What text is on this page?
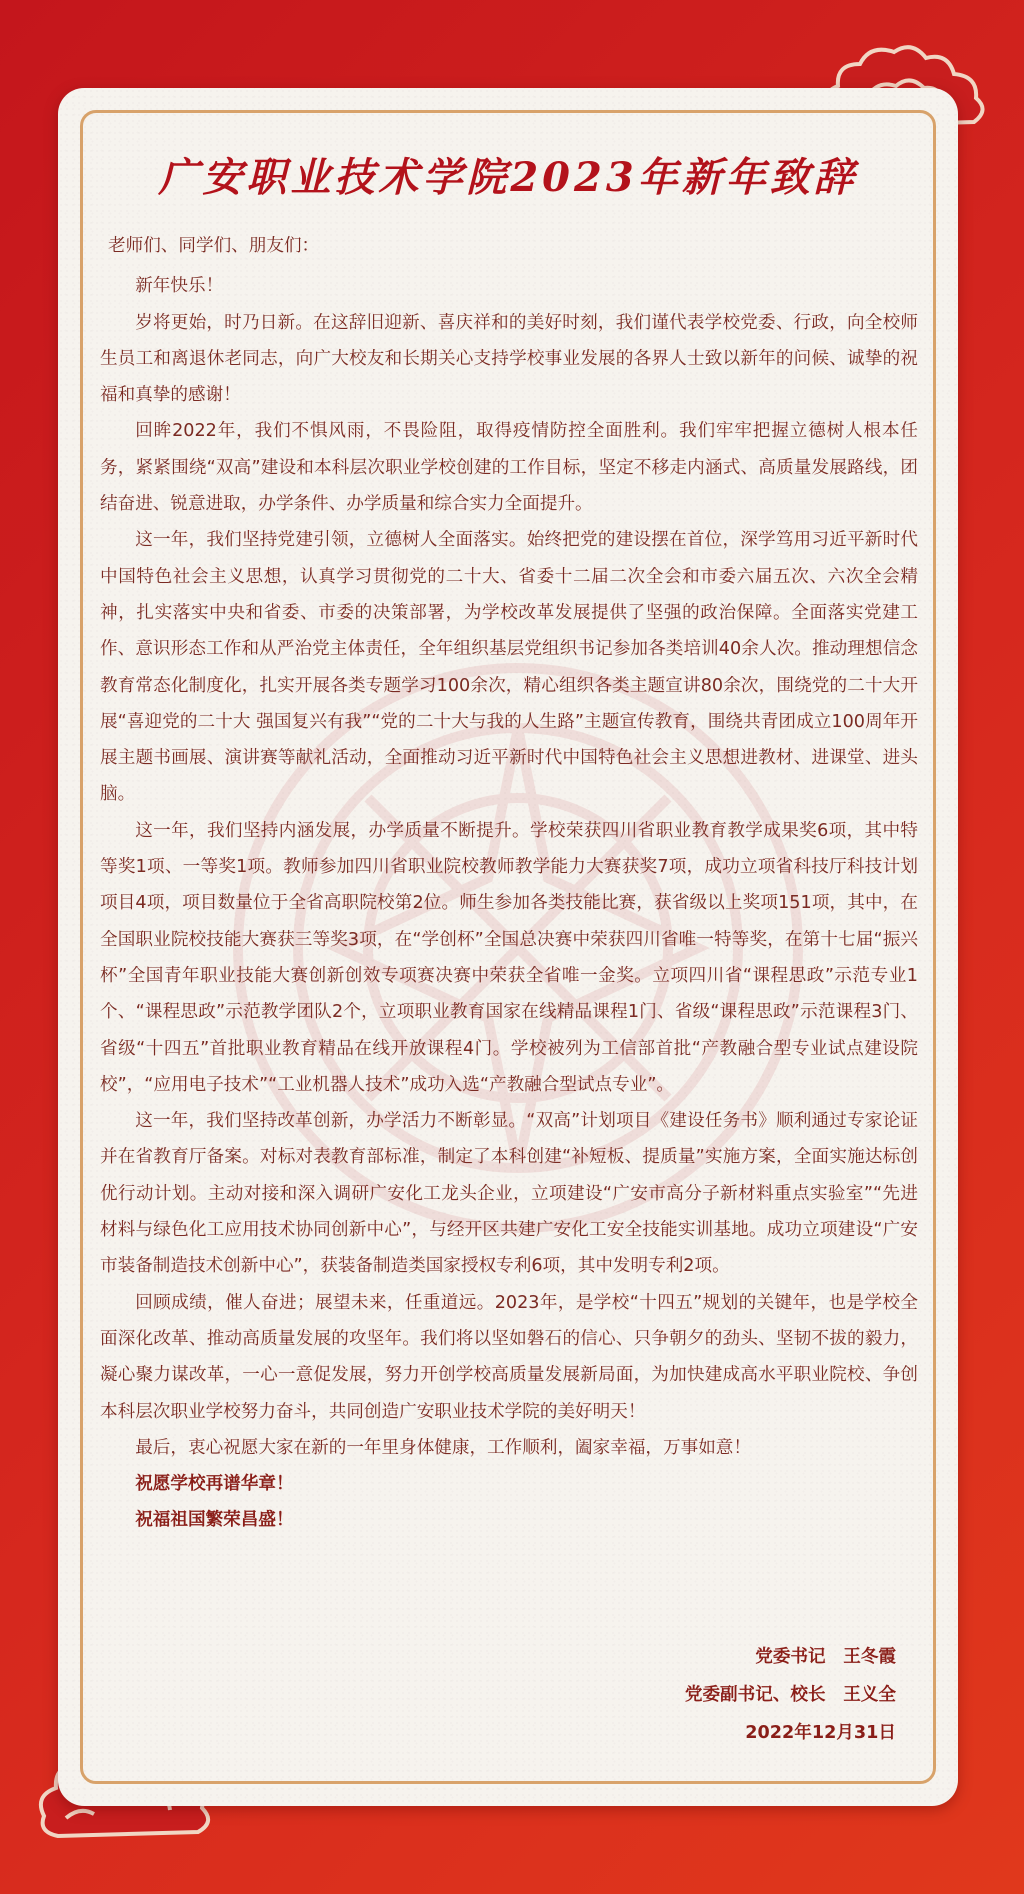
广安职业技术学院2023年新年致辞

老师们、同学们、朋友们：

新年快乐！

岁将更始，时乃日新。在这辞旧迎新、喜庆祥和的美好时刻，我们谨代表学校党委、行政，向全校师生员工和离退休老同志，向广大校友和长期关心支持学校事业发展的各界人士致以新年的问候、诚挚的祝福和真挚的感谢！

回眸2022年，我们不惧风雨，不畏险阻，取得疫情防控全面胜利。我们牢牢把握立德树人根本任务，紧紧围绕“双高”建设和本科层次职业学校创建的工作目标，坚定不移走内涵式、高质量发展路线，团结奋进、锐意进取，办学条件、办学质量和综合实力全面提升。

这一年，我们坚持党建引领，立德树人全面落实。始终把党的建设摆在首位，深学笃用习近平新时代中国特色社会主义思想，认真学习贯彻党的二十大、省委十二届二次全会和市委六届五次、六次全会精神，扎实落实中央和省委、市委的决策部署，为学校改革发展提供了坚强的政治保障。全面落实党建工作、意识形态工作和从严治党主体责任，全年组织基层党组织书记参加各类培训40余人次。推动理想信念教育常态化制度化，扎实开展各类专题学习100余次，精心组织各类主题宣讲80余次，围绕党的二十大开展“喜迎党的二十大 强国复兴有我”“党的二十大与我的人生路”主题宣传教育，围绕共青团成立100周年开展主题书画展、演讲赛等献礼活动，全面推动习近平新时代中国特色社会主义思想进教材、进课堂、进头脑。

这一年，我们坚持内涵发展，办学质量不断提升。学校荣获四川省职业教育教学成果奖6项，其中特等奖1项、一等奖1项。教师参加四川省职业院校教师教学能力大赛获奖7项，成功立项省科技厅科技计划项目4项，项目数量位于全省高职院校第2位。师生参加各类技能比赛，获省级以上奖项151项，其中，在全国职业院校技能大赛获三等奖3项，在“学创杯”全国总决赛中荣获四川省唯一特等奖，在第十七届“振兴杯”全国青年职业技能大赛创新创效专项赛决赛中荣获全省唯一金奖。立项四川省“课程思政”示范专业1个、“课程思政”示范教学团队2个，立项职业教育国家在线精品课程1门、省级“课程思政”示范课程3门、省级“十四五”首批职业教育精品在线开放课程4门。学校被列为工信部首批“产教融合型专业试点建设院校”，“应用电子技术”“工业机器人技术”成功入选“产教融合型试点专业”。

这一年，我们坚持改革创新，办学活力不断彰显。“双高”计划项目《建设任务书》顺利通过专家论证并在省教育厅备案。对标对表教育部标准，制定了本科创建“补短板、提质量”实施方案，全面实施达标创优行动计划。主动对接和深入调研广安化工龙头企业，立项建设“广安市高分子新材料重点实验室”“先进材料与绿色化工应用技术协同创新中心”，与经开区共建广安化工安全技能实训基地。成功立项建设“广安市装备制造技术创新中心”，获装备制造类国家授权专利6项，其中发明专利2项。

回顾成绩，催人奋进；展望未来，任重道远。2023年，是学校“十四五”规划的关键年，也是学校全面深化改革、推动高质量发展的攻坚年。我们将以坚如磐石的信心、只争朝夕的劲头、坚韧不拔的毅力，凝心聚力谋改革，一心一意促发展，努力开创学校高质量发展新局面，为加快建成高水平职业院校、争创本科层次职业学校努力奋斗，共同创造广安职业技术学院的美好明天！

最后，衷心祝愿大家在新的一年里身体健康，工作顺利，阖家幸福，万事如意！

祝愿学校再谱华章！

祝福祖国繁荣昌盛！

党委书记　王冬霞
党委副书记、校长　王义全
2022年12月31日
